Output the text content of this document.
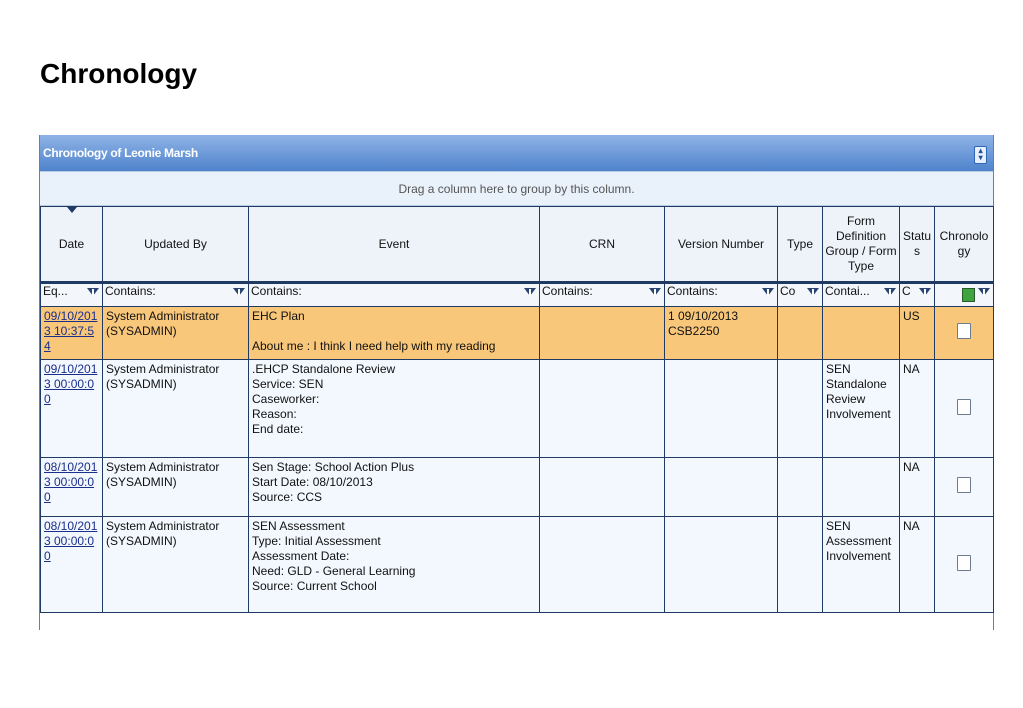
Chronology
Chronology of Leonie Marsh	▴
▾
Drag a column here to group by this column.
Date	Updated By	Event	CRN	Version Number	Type	Form Definition Group / Form Type	Statu s	Chronolo gy
Eq...	Contains:	Contains:	Contains:	Contains:	Co	Contai...	C

09/10/2013 10:37:54	System Administrator (SYSADMIN)	EHC Plan
About me : I think I need help with my reading		1 09/10/2013 CSB2250			US	
09/10/2013 00:00:00	System Administrator (SYSADMIN)	.EHCP Standalone Review
Service: SEN
Caseworker:
Reason:
End date:				SEN Standalone Review Involvement	NA	
08/10/2013 00:00:00	System Administrator (SYSADMIN)	Sen Stage: School Action Plus
Start Date: 08/10/2013
Source: CCS					NA	
08/10/2013 00:00:00	System Administrator (SYSADMIN)	SEN Assessment
Type: Initial Assessment
Assessment Date:
Need: GLD - General Learning
Source: Current School				SEN Assessment Involvement	NA	
